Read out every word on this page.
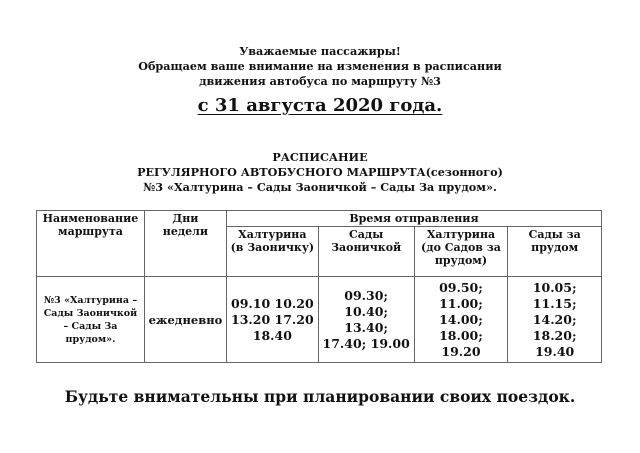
Уважаемые пассажиры!
Обращаем ваше внимание на изменения в расписании
движения автобуса по маршруту №3
с 31 августа 2020 года.
РАСПИСАНИЕ
РЕГУЛЯРНОГО АВТОБУСНОГО МАРШРУТА(сезонного)
№3 «Халтурина – Сады Заоничкой – Сады За прудом».
Наименование маршрута	Дни недели	Время отправления			
		Халтурина (в Заоничку)	Сады Заоничкой	Халтурина (до Садов за прудом)	Сады за прудом
№3 «Халтурина – Сады Заоничкой – Сады За прудом».	ежедневно	09.10 10.20 13.20 17.20 18.40	09.30; 10.40; 13.40; 17.40; 19.00	09.50; 11.00; 14.00; 18.00; 19.20	10.05; 11.15; 14.20; 18.20; 19.40
Будьте внимательны при планировании своих поездок.
